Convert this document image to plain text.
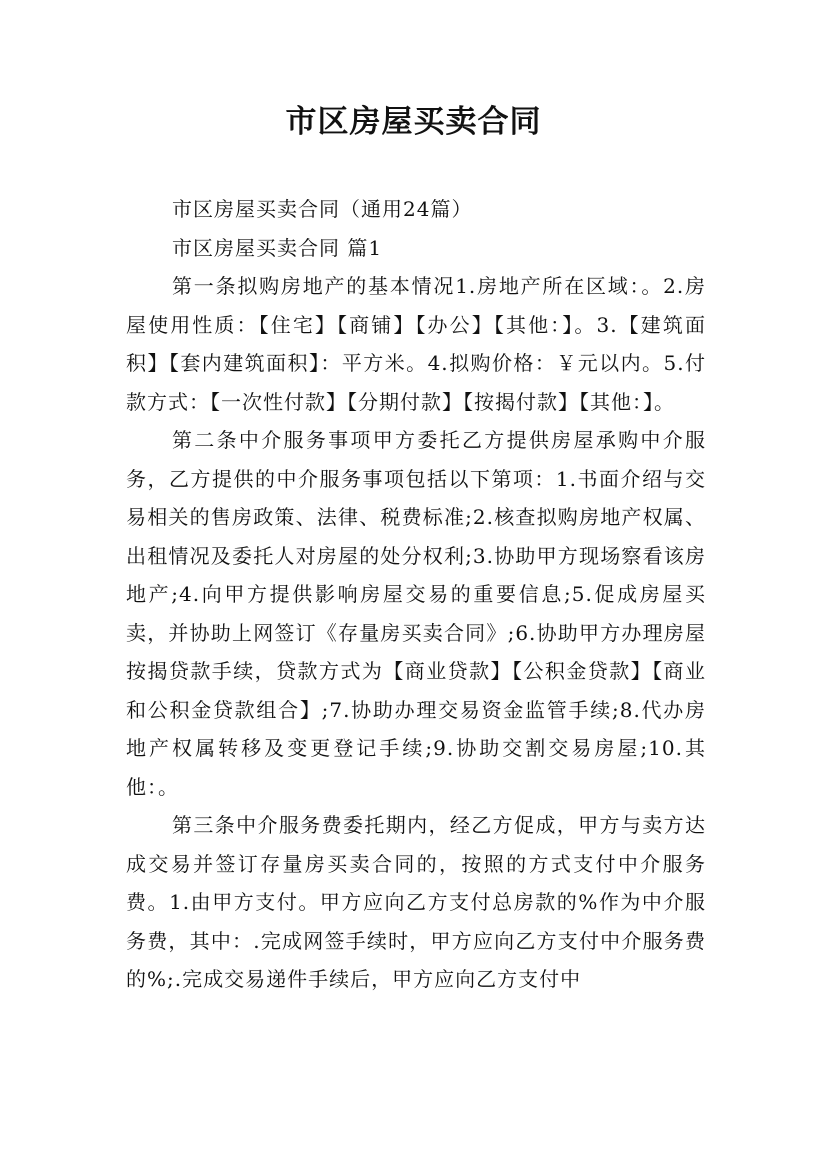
市区房屋买卖合同

市区房屋买卖合同（通用24篇）

市区房屋买卖合同 篇1

第一条拟购房地产的基本情况1.房地产所在区域：。2.房屋使用性质：【住宅】【商铺】【办公】【其他：】。3.【建筑面积】【套内建筑面积】：平方米。4.拟购价格：￥元以内。5.付款方式：【一次性付款】【分期付款】【按揭付款】【其他：】。

第二条中介服务事项甲方委托乙方提供房屋承购中介服务，乙方提供的中介服务事项包括以下第项：1.书面介绍与交易相关的售房政策、法律、税费标准;2.核查拟购房地产权属、出租情况及委托人对房屋的处分权利;3.协助甲方现场察看该房地产;4.向甲方提供影响房屋交易的重要信息;5.促成房屋买卖，并协助上网签订《存量房买卖合同》;6.协助甲方办理房屋按揭贷款手续，贷款方式为【商业贷款】【公积金贷款】【商业和公积金贷款组合】;7.协助办理交易资金监管手续;8.代办房地产权属转移及变更登记手续;9.协助交割交易房屋;10.其他：。

第三条中介服务费委托期内，经乙方促成，甲方与卖方达成交易并签订存量房买卖合同的，按照的方式支付中介服务费。1.由甲方支付。甲方应向乙方支付总房款的%作为中介服务费，其中：.完成网签手续时，甲方应向乙方支付中介服务费的%;.完成交易递件手续后，甲方应向乙方支付中
